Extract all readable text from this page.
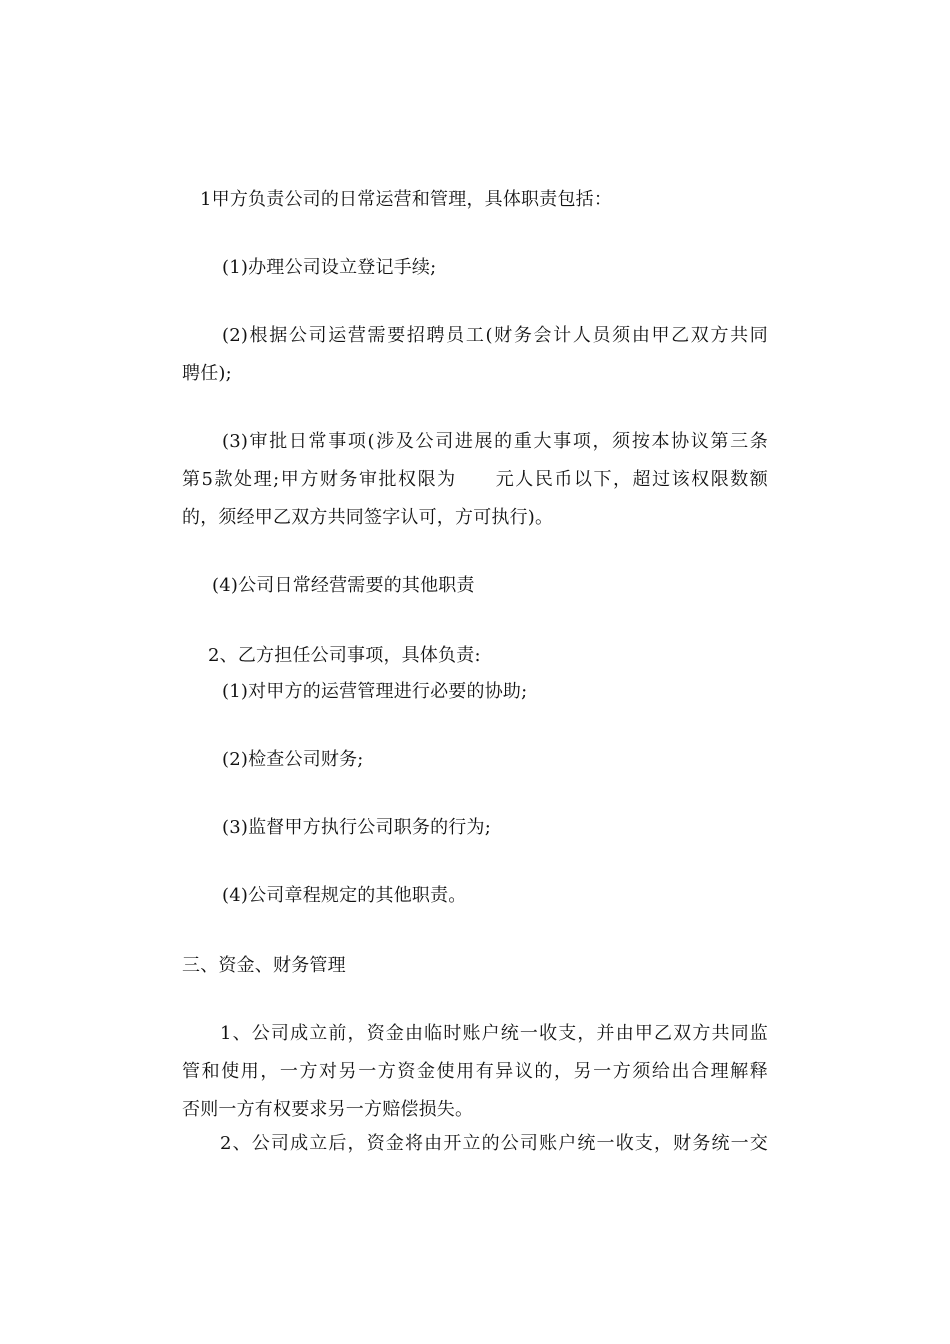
1甲方负责公司的日常运营和管理，具体职责包括：
(1)办理公司设立登记手续;
(2)根据公司运营需要招聘员工(财务会计人员须由甲乙双方共同
聘任);
(3)审批日常事项(涉及公司进展的重大事项，须按本协议第三条
第5款处理;甲方财务审批权限为　　元人民币以下，超过该权限数额
的，须经甲乙双方共同签字认可，方可执行)。
(4)公司日常经营需要的其他职责
2、乙方担任公司事项，具体负责:
(1)对甲方的运营管理进行必要的协助;
(2)检查公司财务;
(3)监督甲方执行公司职务的行为;
(4)公司章程规定的其他职责。
三、资金、财务管理
1、公司成立前，资金由临时账户统一收支，并由甲乙双方共同监
管和使用，一方对另一方资金使用有异议的，另一方须给出合理解释
否则一方有权要求另一方赔偿损失。
2、公司成立后，资金将由开立的公司账户统一收支，财务统一交
